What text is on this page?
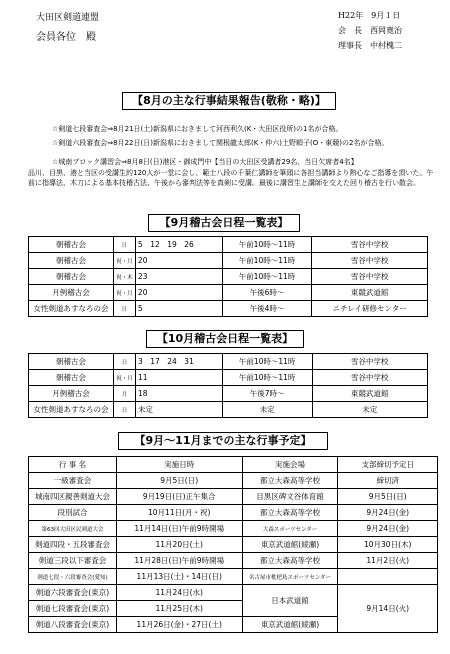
大田区剣道連盟
会員各位　殿
H22年　9月１日
会　長　西岡寛治
理事長　中村槐二
【8月の主な行事結果報告(敬称・略)】
☆剣道七段審査会⇒8月21日(土)新潟県におきまして河西利久(K・大田区役所)の1名が合格。
☆剣道六段審査会⇒8月22日(日)新潟県におきまして関根龍太郎(K・仲六)土野順子(O・東競)の2名が合格。
☆城南ブロック講習会⇒8月8日(日)港区・御成門中【当日の大田区受講者29名、当日欠席者4名】
品川、目黒、港と当区の受講生約120人が一堂に会し、範士八段の千葉仁講師を筆頭に各担当講師より熱心なご指導を頂いた。午前に指導法、木刀による基本技稽古法、午後から審判法等を真剣に受講。最後に講習生と講師を交えた回り稽古を行い散会。
【9月稽古会日程一覧表】
朝稽古会	日	5　12　19　26	午前10時〜11時	雪谷中学校
朝稽古会	祝・月	20	午前10時〜11時	雪谷中学校
朝稽古会	祝・木	23	午前10時〜11時	雪谷中学校
月例稽古会	祝・月	20	午後6時〜	東競武道館
女性剣道あすなろの会	日	5	午後4時〜	ニチレイ研修センター
【10月稽古会日程一覧表】
朝稽古会	日	3　17　24　31	午前10時〜11時	雪谷中学校
朝稽古会	祝・月	11	午前10時〜11時	雪谷中学校
月例稽古会	月	18	午後7時〜	東競武道館
女性剣道あすなろの会	日	未定	未定	未定
【9月〜11月までの主な行事予定】
行 事 名	実施日時	実施会場	支部締切予定日
一級審査会	9月5日(日)	都立大森高等学校	締切済
城南四区親善剣道大会	9月19日(日)正午集合	目黒区碑文谷体育館	9月5日(日)
段別試合	10月11日(月・祝)	都立大森高等学校	9月24日(金)
第63回大田区民剣道大会	11月14日(日)午前9時開場	大森スポーツセンター	9月24日(金)
剣道四段・五段審査会	11月20日(土)	東京武道館(綾瀬)	10月30日(木)
剣道三段以下審査会	11月28日(日)午前9時開場	都立大森高等学校	11月2日(火)
剣道七段・六段審査会(愛知)	11月13日(土)・14日(日)	名古屋市枇杷島スポーツセンター	
剣道六段審査会(東京)	11月24日(水)	日本武道館	9月14日(火)
剣道七段審査会(東京)	11月25日(木)		
剣道八段審査会(東京)	11月26日(金)・27日(土)	東京武道館(綾瀬)	
